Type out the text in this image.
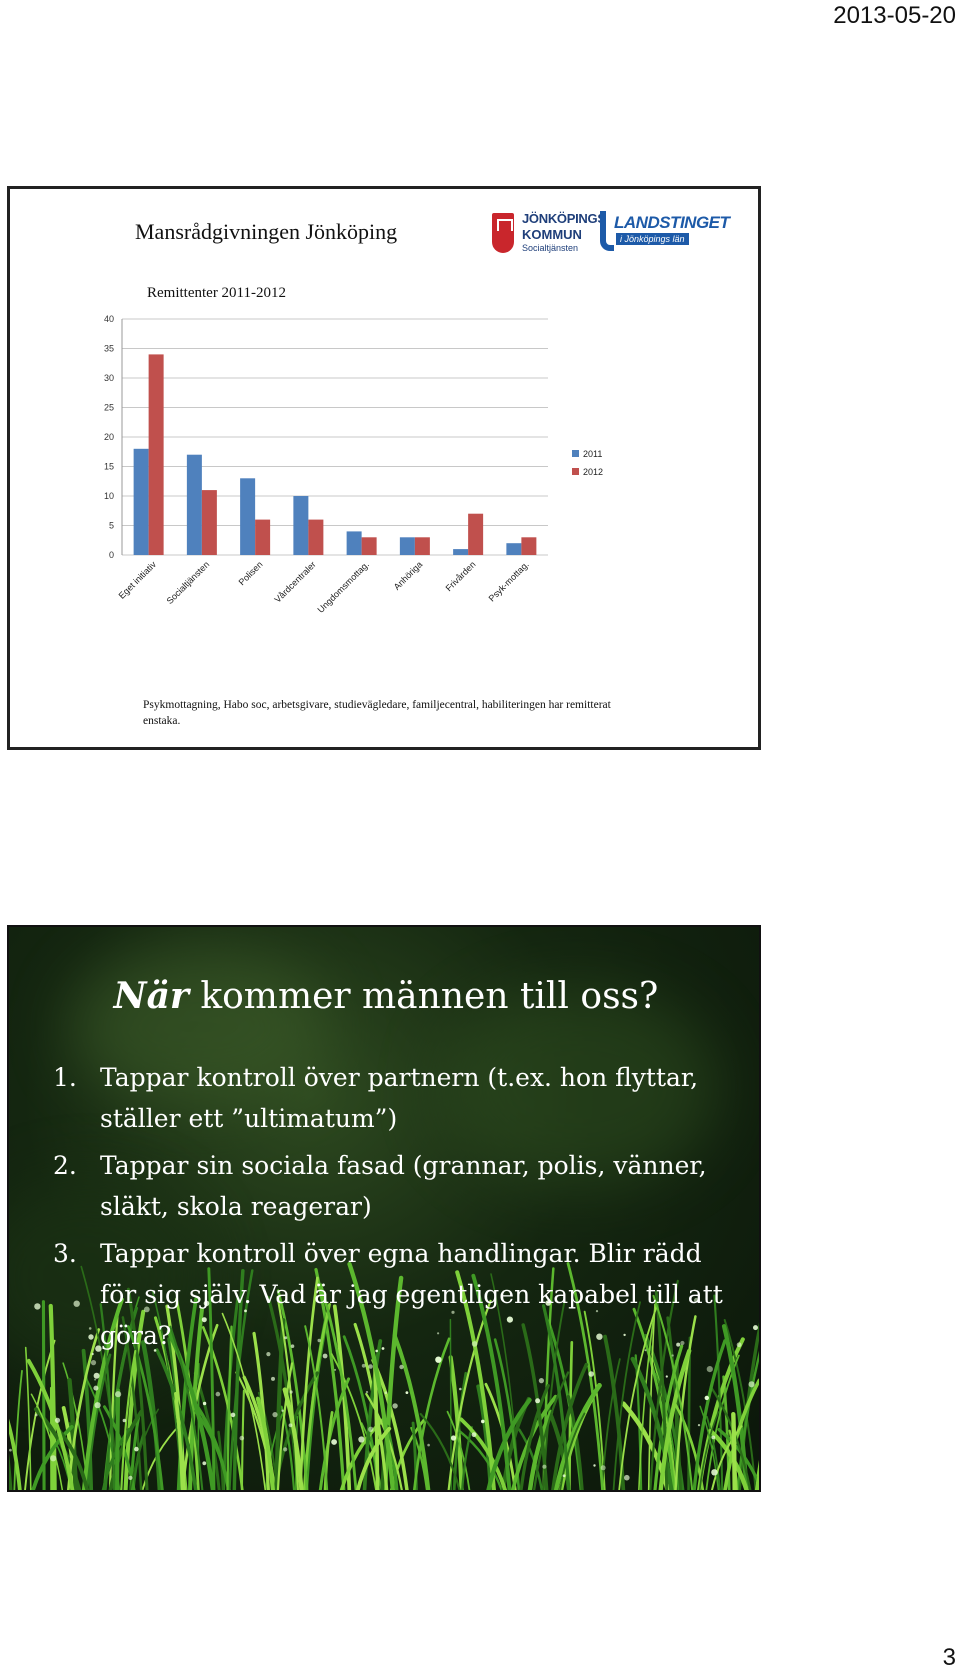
2013-05-20
Mansrådgivningen Jönköping
JÖNKÖPINGS
KOMMUN
Socialtjänsten
LANDSTINGET
i Jönköpings län
Remittenter 2011-2012
0
5
10
15
20
25
30
35
40
Eget initiativ Socialtjänsten	Polisen Vårdcentraler
Ungdomsmottag. Anhöriga Frivården Psyk-mottag.
2011
2012
Psykmottagning, Habo soc, arbetsgivare, studievägledare, familjecentral, habiliteringen har remitterat enstaka.
När kommer männen till oss?
1. Tappar kontroll över partnern (t.ex. hon flyttar, ställer ett ”ultimatum”)
2. Tappar sin sociala fasad (grannar, polis, vänner, släkt, skola reagerar)
3. Tappar kontroll över egna handlingar. Blir rädd för sig själv. Vad är jag egentligen kapabel till att göra?
3
